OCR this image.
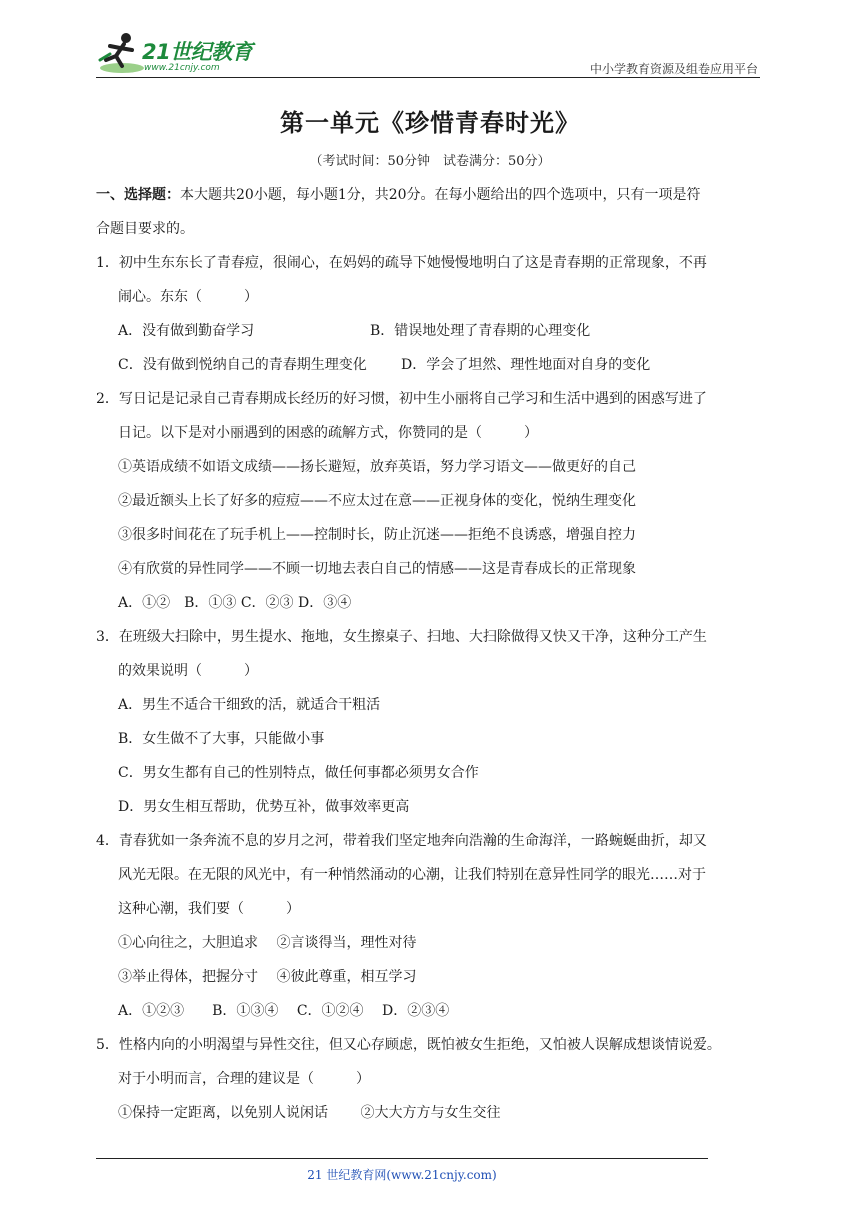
21世纪教育
www.21cnjy.com	中小学教育资源及组卷应用平台
第一单元《珍惜青春时光》
（考试时间：50分钟　试卷满分：50分）
一、选择题：本大题共20小题，每小题1分，共20分。在每小题给出的四个选项中，只有一项是符
合题目要求的。
1．初中生东东长了青春痘，很闹心，在妈妈的疏导下她慢慢地明白了这是青春期的正常现象，不再
闹心。东东（　　　）
A．没有做到勤奋学习	B．错误地处理了青春期的心理变化
C．没有做到悦纳自己的青春期生理变化 D．学会了坦然、理性地面对自身的变化
2．写日记是记录自己青春期成长经历的好习惯，初中生小丽将自己学习和生活中遇到的困惑写进了
日记。以下是对小丽遇到的困惑的疏解方式，你赞同的是（　　　）
①英语成绩不如语文成绩——扬长避短，放弃英语，努力学习语文——做更好的自己
②最近额头上长了好多的痘痘——不应太过在意——正视身体的变化，悦纳生理变化
③很多时间花在了玩手机上——控制时长，防止沉迷——拒绝不良诱惑，增强自控力
④有欣赏的异性同学——不顾一切地去表白自己的情感——这是青春成长的正常现象
A．①②　B．①③ C．②③ D．③④
3．在班级大扫除中，男生提水、拖地，女生擦桌子、扫地、大扫除做得又快又干净，这种分工产生
的效果说明（　　　）
A．男生不适合干细致的活，就适合干粗活
B．女生做不了大事，只能做小事
C．男女生都有自己的性别特点，做任何事都必须男女合作
D．男女生相互帮助，优势互补，做事效率更高
4．青春犹如一条奔流不息的岁月之河，带着我们坚定地奔向浩瀚的生命海洋，一路蜿蜒曲折，却又
风光无限。在无限的风光中，有一种悄然涌动的心潮，让我们特别在意异性同学的眼光……对于
这种心潮，我们要（　　　）
①心向往之，大胆追求　 ②言谈得当，理性对待
③举止得体，把握分寸　 ④彼此尊重，相互学习
A．①②③　　B．①③④　 C．①②④　 D．②③④
5．性格内向的小明渴望与异性交往，但又心存顾虑，既怕被女生拒绝，又怕被人误解成想谈情说爱。
对于小明而言，合理的建议是（　　　）
①保持一定距离，以免别人说闲话　　 ②大大方方与女生交往
21 世纪教育网(www.21cnjy.com)
